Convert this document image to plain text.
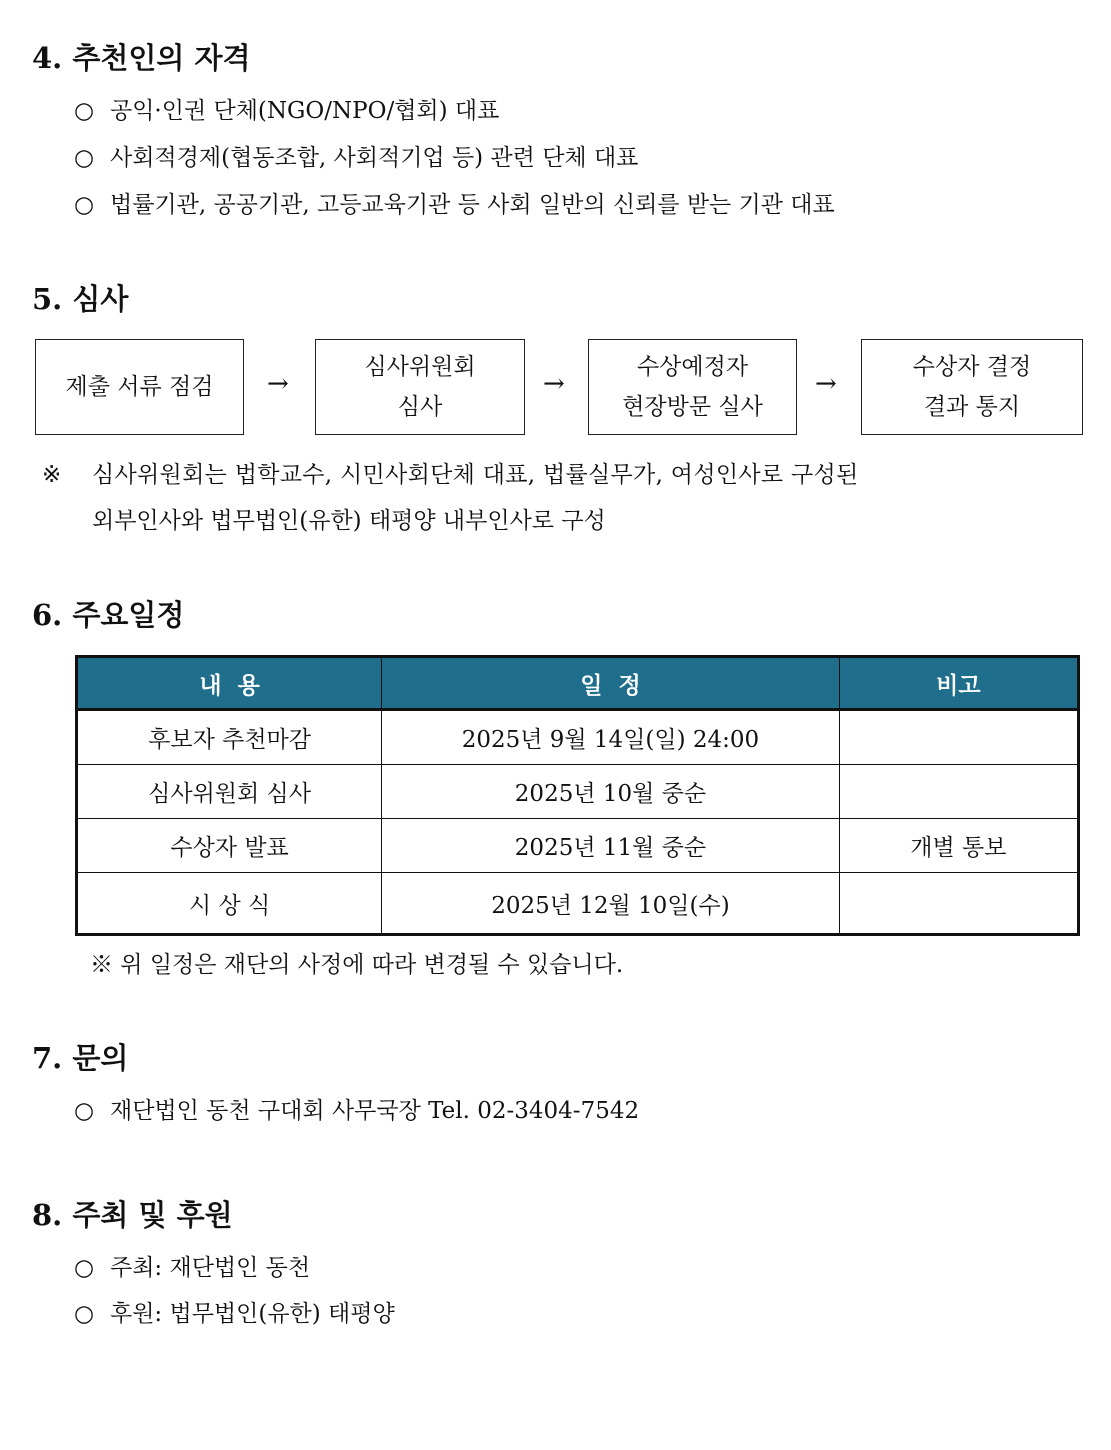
4. 추천인의 자격
○ 공익·인권 단체(NGO/NPO/협회) 대표
○ 사회적경제(협동조합, 사회적기업 등) 관련 단체 대표
○ 법률기관, 공공기관, 고등교육기관 등 사회 일반의 신뢰를 받는 기관 대표
5. 심사
제출 서류 점검 →
심사위원회
심사
→
수상예정자
현장방문 실사
→
수상자 결정
결과 통지
※ 심사위원회는 법학교수, 시민사회단체 대표, 법률실무가, 여성인사로 구성된
외부인사와 법무법인(유한) 태평양 내부인사로 구성
6. 주요일정
내  용	일  정	비고
후보자 추천마감	2025년 9월 14일(일) 24:00	
심사위원회 심사	2025년 10월 중순	
수상자 발표	2025년 11월 중순	개별 통보
시 상 식	2025년 12월 10일(수)	
※ 위 일정은 재단의 사정에 따라 변경될 수 있습니다.
7. 문의
○ 재단법인 동천 구대회 사무국장 Tel. 02-3404-7542
8. 주최 및 후원
○ 주최: 재단법인 동천
○ 후원: 법무법인(유한) 태평양
